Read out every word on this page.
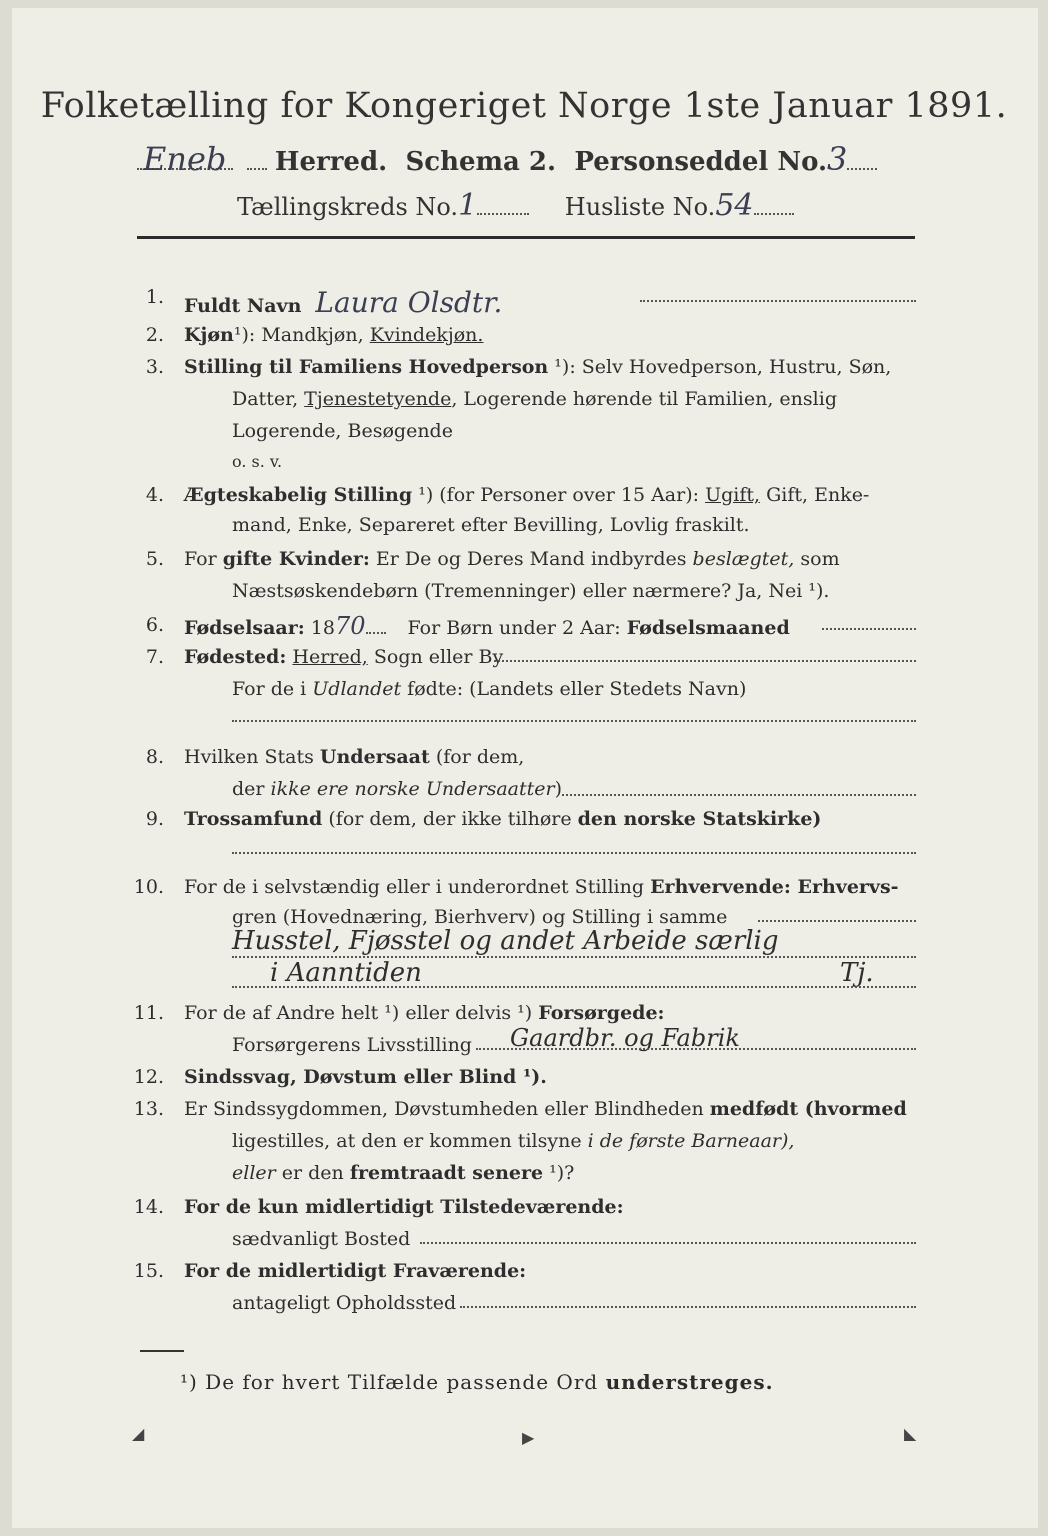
Folketælling for Kongeriget Norge 1ste Januar 1891.
Eneb Herred. Schema 2. Personseddel No.3
Tællingskreds No.1	Husliste No.54
1. Fuldt Navn Laura Olsdtr.
2. Kjøn¹): Mandkjøn, Kvindekjøn.
3. Stilling til Familiens Hovedperson ¹): Selv Hovedperson, Hustru, Søn,
Datter, Tjenestetyende, Logerende hørende til Familien, enslig
Logerende, Besøgende
o. s. v.
4. Ægteskabelig Stilling ¹) (for Personer over 15 Aar): Ugift, Gift, Enke-
mand, Enke, Separeret efter Bevilling, Lovlig fraskilt.
5. For gifte Kvinder: Er De og Deres Mand indbyrdes beslægtet, som
Næstsøskendebørn (Tremenninger) eller nærmere? Ja, Nei ¹).
6. Fødselsaar: 1870 For Børn under 2 Aar: Fødselsmaaned
7. Fødested: Herred, Sogn eller By
For de i Udlandet fødte: (Landets eller Stedets Navn)
8. Hvilken Stats Undersaat (for dem,
der ikke ere norske Undersaatter)
9. Trossamfund (for dem, der ikke tilhøre den norske Statskirke)
10. For de i selvstændig eller i underordnet Stilling Erhvervende: Erhvervs-
gren (Hovednæring, Bierhverv) og Stilling i samme
Husstel, Fjøsstel og andet Arbeide særlig
i Aanntiden	Tj.
11. For de af Andre helt ¹) eller delvis ¹) Forsørgede:
Forsørgerens Livsstilling Gaardbr. og Fabrik
12. Sindssvag, Døvstum eller Blind ¹).
13. Er Sindssygdommen, Døvstumheden eller Blindheden medfødt (hvormed
ligestilles, at den er kommen tilsyne i de første Barneaar),
eller er den fremtraadt senere ¹)?
14. For de kun midlertidigt Tilstedeværende:
sædvanligt Bosted
15. For de midlertidigt Fraværende:
antageligt Opholdssted
¹) De for hvert Tilfælde passende Ord understreges.
◢	▶	◣
